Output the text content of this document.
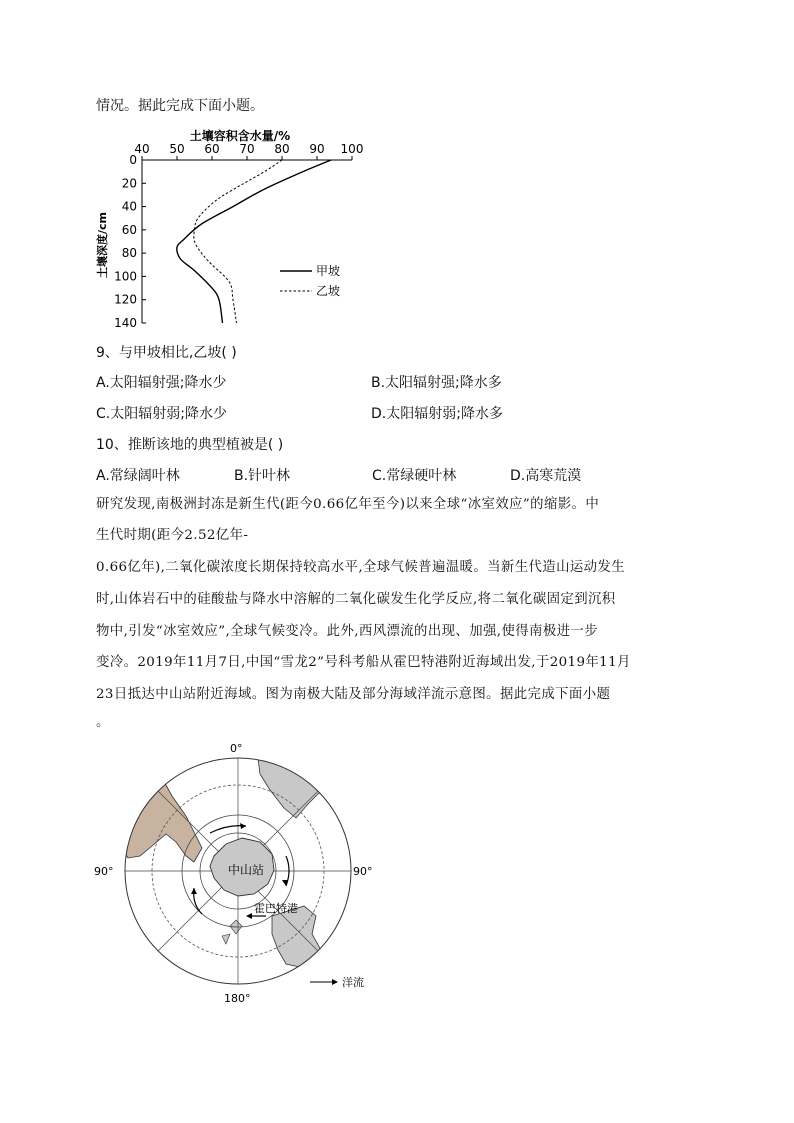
情况。据此完成下面小题。
土壤容积含水量/%
40 50 60 70 80 90 100
0
20
40
60
80
100
120
140
土壤深度/cm	甲坡
乙坡
9、与甲坡相比,乙坡( )
A.太阳辐射强;降水少	B.太阳辐射强;降水多
C.太阳辐射弱;降水少	D.太阳辐射弱;降水多
10、推断该地的典型植被是( )
A.常绿阔叶林	B.针叶林	C.常绿硬叶林	D.高寒荒漠
研究发现,南极洲封冻是新生代(距今0.66亿年至今)以来全球“冰室效应”的缩影。中
生代时期(距今2.52亿年-
0.66亿年),二氧化碳浓度长期保持较高水平,全球气候普遍温暖。当新生代造山运动发生
时,山体岩石中的硅酸盐与降水中溶解的二氧化碳发生化学反应,将二氧化碳固定到沉积
物中,引发“冰室效应”,全球气候变冷。此外,西风漂流的出现、加强,使得南极进一步
变冷。2019年11月7日,中国“雪龙2”号科考船从霍巴特港附近海域出发,于2019年11月
23日抵达中山站附近海域。图为南极大陆及部分海域洋流示意图。据此完成下面小题
。
0°
90°	90°
180°
中山站
霍巴特港
洋流
